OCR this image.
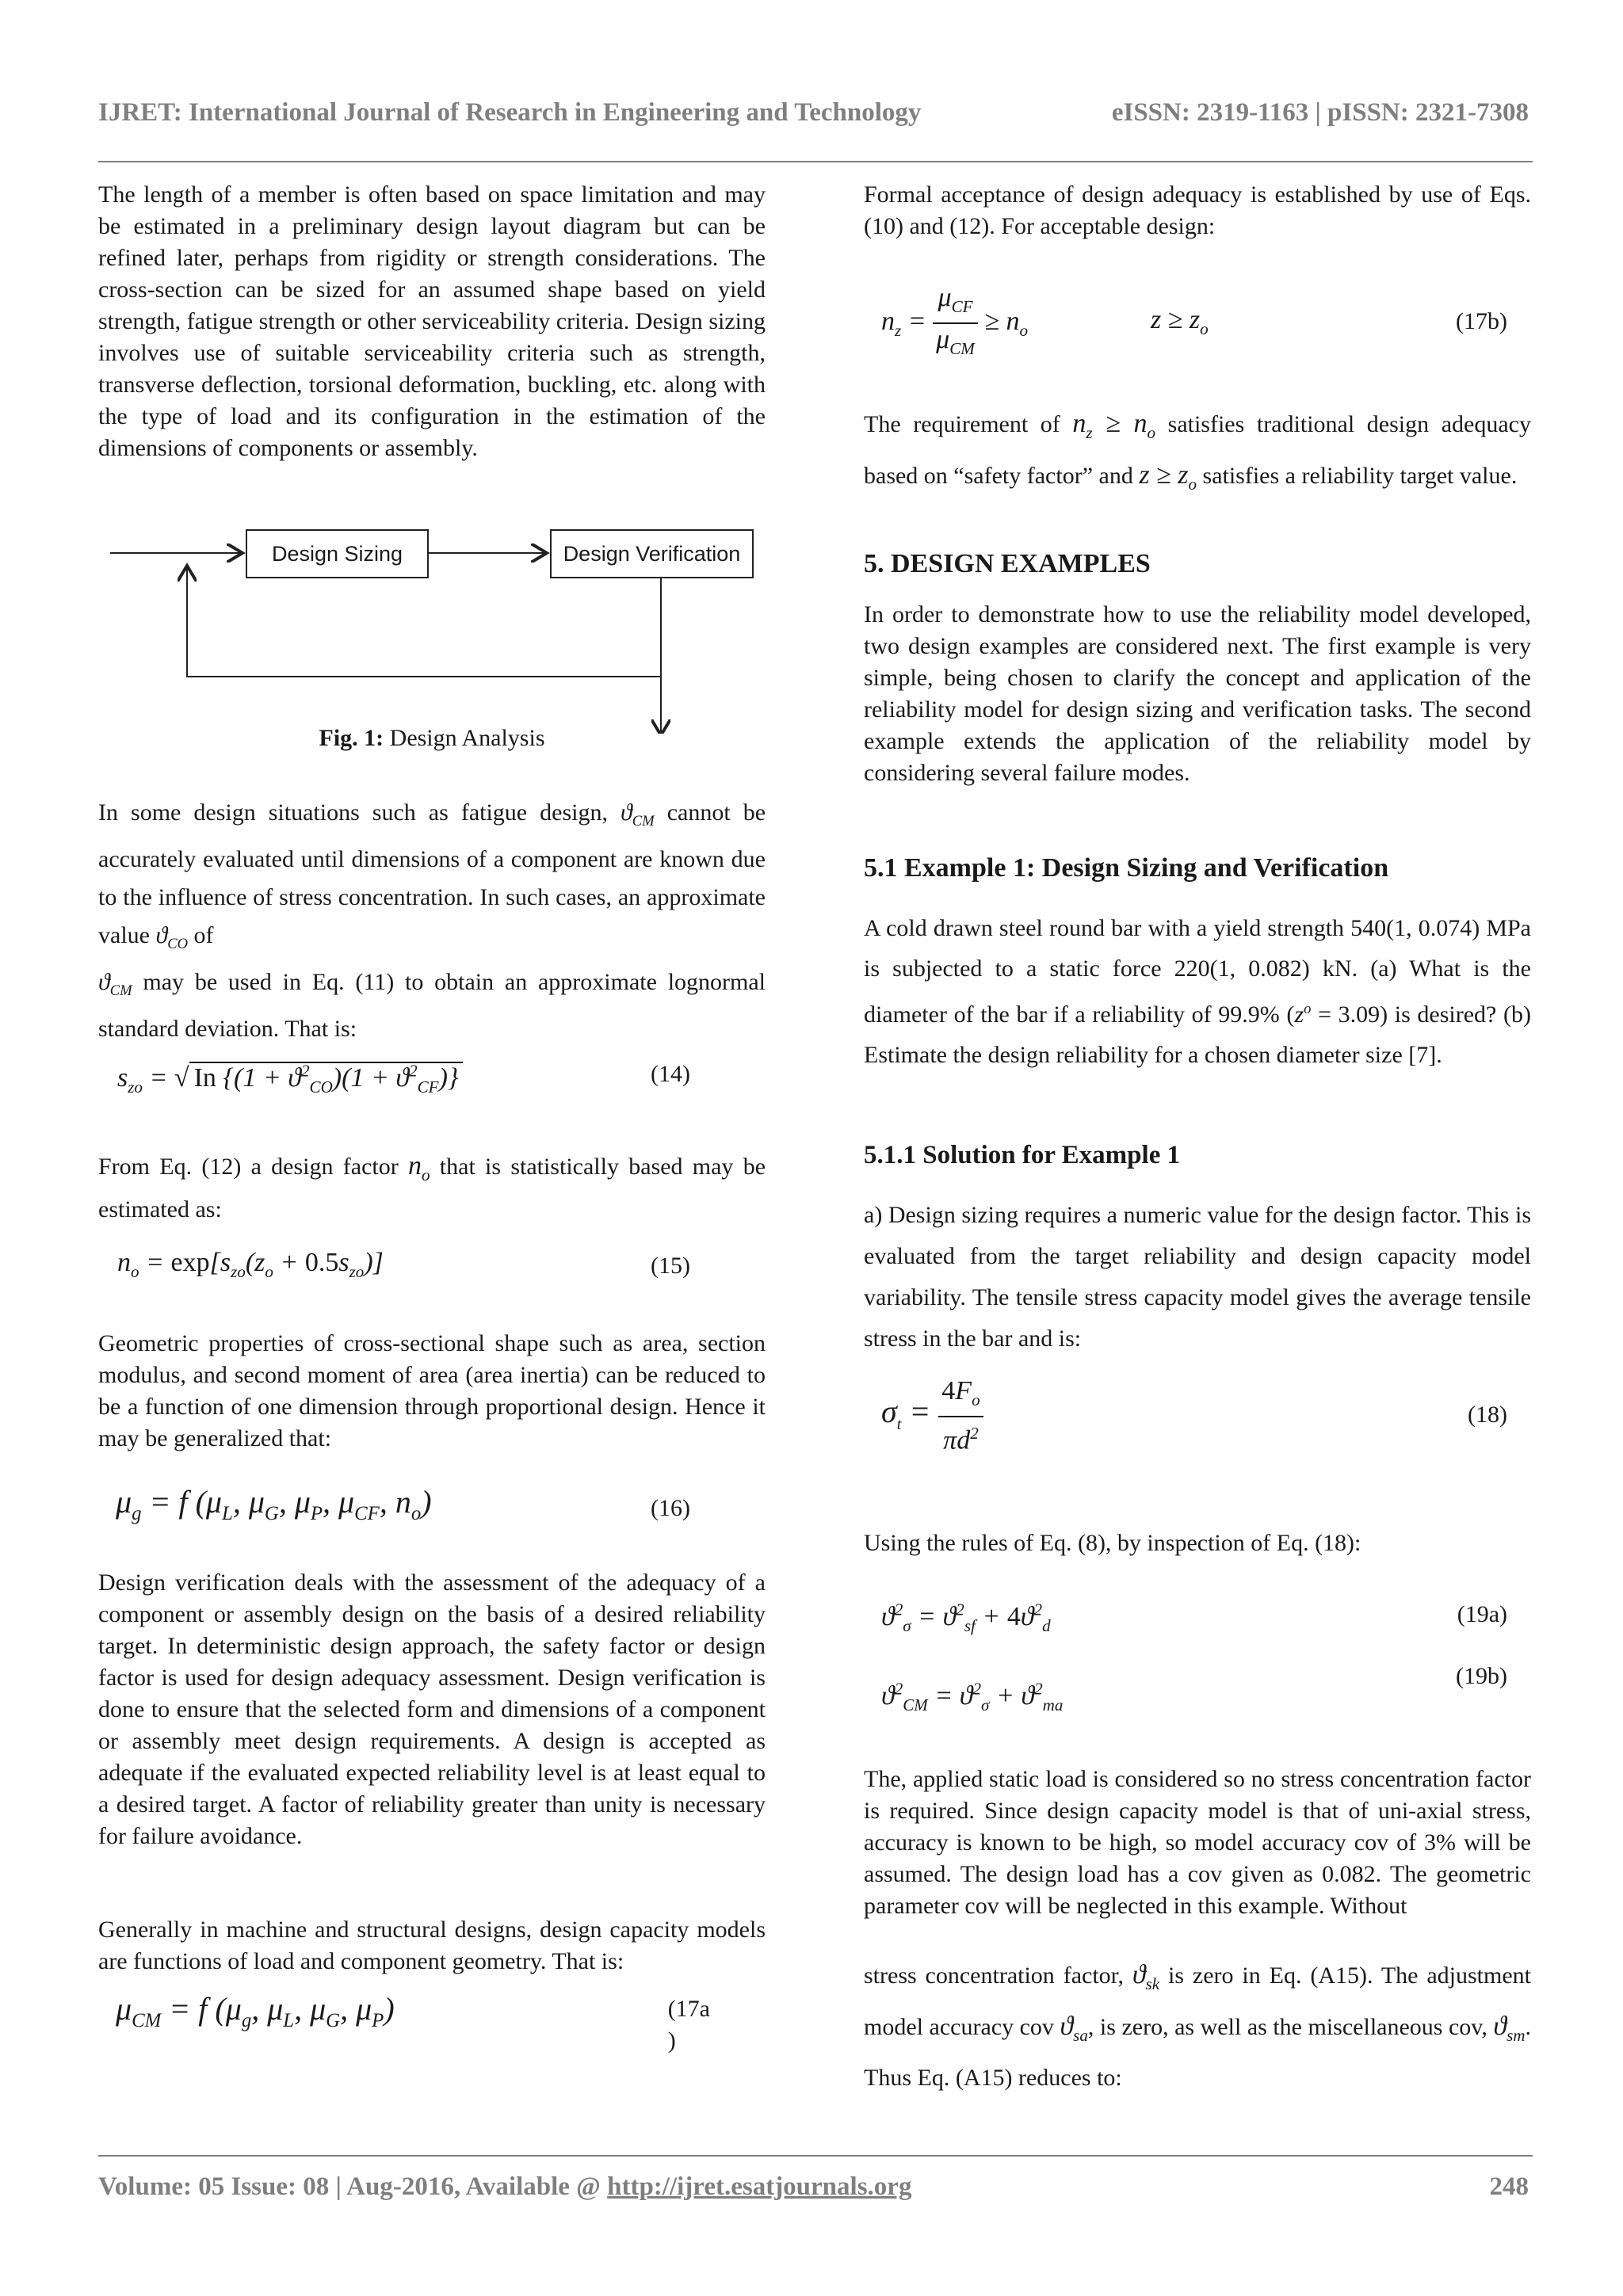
IJRET: International Journal of Research in Engineering and Technology	eISSN: 2319-1163 | pISSN: 2321-7308

The length of a member is often based on space limitation and may be estimated in a preliminary design layout diagram but can be refined later, perhaps from rigidity or strength considerations. The cross-section can be sized for an assumed shape based on yield strength, fatigue strength or other serviceability criteria. Design sizing involves use of suitable serviceability criteria such as strength, transverse deflection, torsional deformation, buckling, etc. along with the type of load and its configuration in the estimation of the dimensions of components or assembly.

Design Sizing	Design Verification
Fig. 1: Design Analysis

In some design situations such as fatigue design, $ϑ_{CM}$ cannot be accurately evaluated until dimensions of a component are known due to the influence of stress concentration. In such cases, an approximate value $ϑ_{CO}$ of
$ϑ_{CM}$ may be used in Eq. (11) to obtain an approximate lognormal standard deviation. That is:

$s_{zo}$ = √ In $\{(1 + ϑ^2_{CO})(1 + ϑ^2_{CF})\}$	(14)

From Eq. (12) a design factor $n_o$ that is statistically based may be estimated as:

$n_o = \exp[s_{zo}(z_o + 0.5s_{zo})]$	(15)

Geometric properties of cross-sectional shape such as area, section modulus, and second moment of area (area inertia) can be reduced to be a function of one dimension through proportional design. Hence it may be generalized that:

$\mu_g = f$ ($\mu_L$, $\mu_G$, $\mu_P$, $\mu_{CF}$, $n_o$)	(16)

Design verification deals with the assessment of the adequacy of a component or assembly design on the basis of a desired reliability target. In deterministic design approach, the safety factor or design factor is used for design adequacy assessment. Design verification is done to ensure that the selected form and dimensions of a component or assembly meet design requirements. A design is accepted as adequate if the evaluated expected reliability level is at least equal to a desired target. A factor of reliability greater than unity is necessary for failure avoidance.

Generally in machine and structural designs, design capacity models are functions of load and component geometry. That is:

$\mu_{CM} = f$ ($\mu_g$, $\mu_L$, $\mu_G$, $\mu_P$)	(17a
)

Formal acceptance of design adequacy is established by use of Eqs. (10) and (12). For acceptable design:

$n_z = \frac{\mu_{CF}}{\mu_{CM}} \ge n_o$	$z \ge z_o$	(17b)

The requirement of $n_z \ge n_o$ satisfies traditional design adequacy based on “safety factor” and $z \ge z_o$ satisfies a reliability target value.

5. DESIGN EXAMPLES

In order to demonstrate how to use the reliability model developed, two design examples are considered next. The first example is very simple, being chosen to clarify the concept and application of the reliability model for design sizing and verification tasks. The second example extends the application of the reliability model by considering several failure modes.

5.1 Example 1: Design Sizing and Verification

A cold drawn steel round bar with a yield strength 540(1, 0.074) MPa is subjected to a static force 220(1, 0.082) kN. (a) What is the diameter of the bar if a reliability of 99.9% $(z^o = 3.09)$ is desired? (b) Estimate the design reliability for a chosen diameter size [7].

5.1.1 Solution for Example 1

a) Design sizing requires a numeric value for the design factor. This is evaluated from the target reliability and design capacity model variability. The tensile stress capacity model gives the average tensile stress in the bar and is:

$\sigma_t = \frac{4F_o}{\pi d^2}$	(18)

Using the rules of Eq. (8), by inspection of Eq. (18):

$ϑ^2_\sigma = ϑ^2_{sf} + 4ϑ^2_d$	(19a)
$ϑ^2_{CM} = ϑ^2_\sigma + ϑ^2_{ma}$
(19b)

The, applied static load is considered so no stress concentration factor is required. Since design capacity model is that of uni-axial stress, accuracy is known to be high, so model accuracy cov of 3% will be assumed. The design load has a cov given as 0.082. The geometric parameter cov will be neglected in this example. Without

stress concentration factor, $ϑ_{sk}$ is zero in Eq. (A15). The adjustment model accuracy cov $ϑ_{sa}$, is zero, as well as the miscellaneous cov, $ϑ_{sm}$. Thus Eq. (A15) reduces to:

Volume: 05 Issue: 08 | Aug-2016, Available @ http://ijret.esatjournals.org	248
